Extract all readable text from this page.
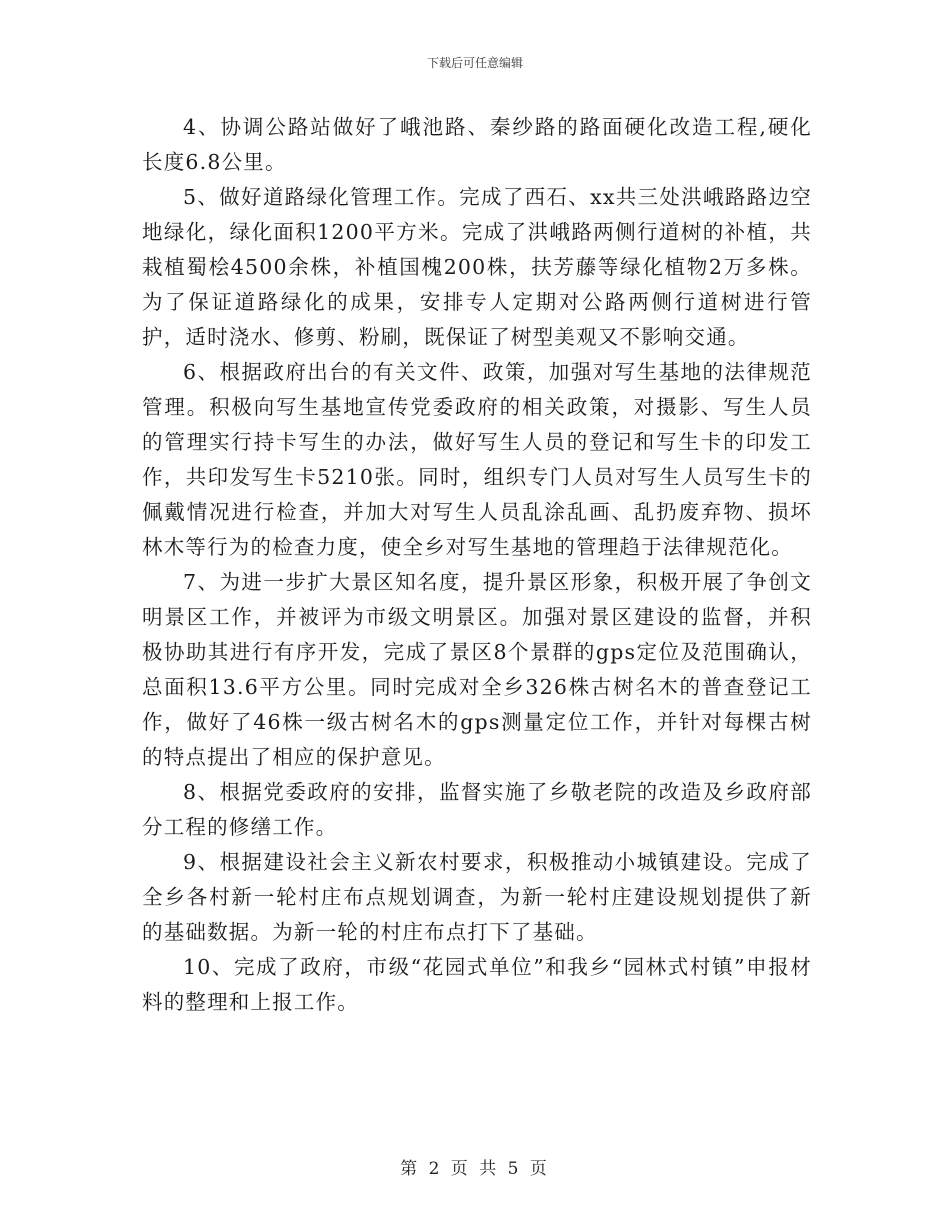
下载后可任意编辑

4、协调公路站做好了峨池路、秦纱路的路面硬化改造工程,硬化长度6.8公里。

5、做好道路绿化管理工作。完成了西石、xx共三处洪峨路路边空地绿化，绿化面积1200平方米。完成了洪峨路两侧行道树的补植，共栽植蜀桧4500余株，补植国槐200株，扶芳藤等绿化植物2万多株。为了保证道路绿化的成果，安排专人定期对公路两侧行道树进行管护，适时浇水、修剪、粉刷，既保证了树型美观又不影响交通。

6、根据政府出台的有关文件、政策，加强对写生基地的法律规范管理。积极向写生基地宣传党委政府的相关政策，对摄影、写生人员的管理实行持卡写生的办法，做好写生人员的登记和写生卡的印发工作，共印发写生卡5210张。同时，组织专门人员对写生人员写生卡的佩戴情况进行检查，并加大对写生人员乱涂乱画、乱扔废弃物、损坏林木等行为的检查力度，使全乡对写生基地的管理趋于法律规范化。

7、为进一步扩大景区知名度，提升景区形象，积极开展了争创文明景区工作，并被评为市级文明景区。加强对景区建设的监督，并积极协助其进行有序开发，完成了景区8个景群的gps定位及范围确认，总面积13.6平方公里。同时完成对全乡326株古树名木的普查登记工作，做好了46株一级古树名木的gps测量定位工作，并针对每棵古树的特点提出了相应的保护意见。

8、根据党委政府的安排，监督实施了乡敬老院的改造及乡政府部分工程的修缮工作。

9、根据建设社会主义新农村要求，积极推动小城镇建设。完成了全乡各村新一轮村庄布点规划调查，为新一轮村庄建设规划提供了新的基础数据。为新一轮的村庄布点打下了基础。

10、完成了政府，市级“花园式单位”和我乡“园林式村镇”申报材料的整理和上报工作。

第 2 页 共 5 页
